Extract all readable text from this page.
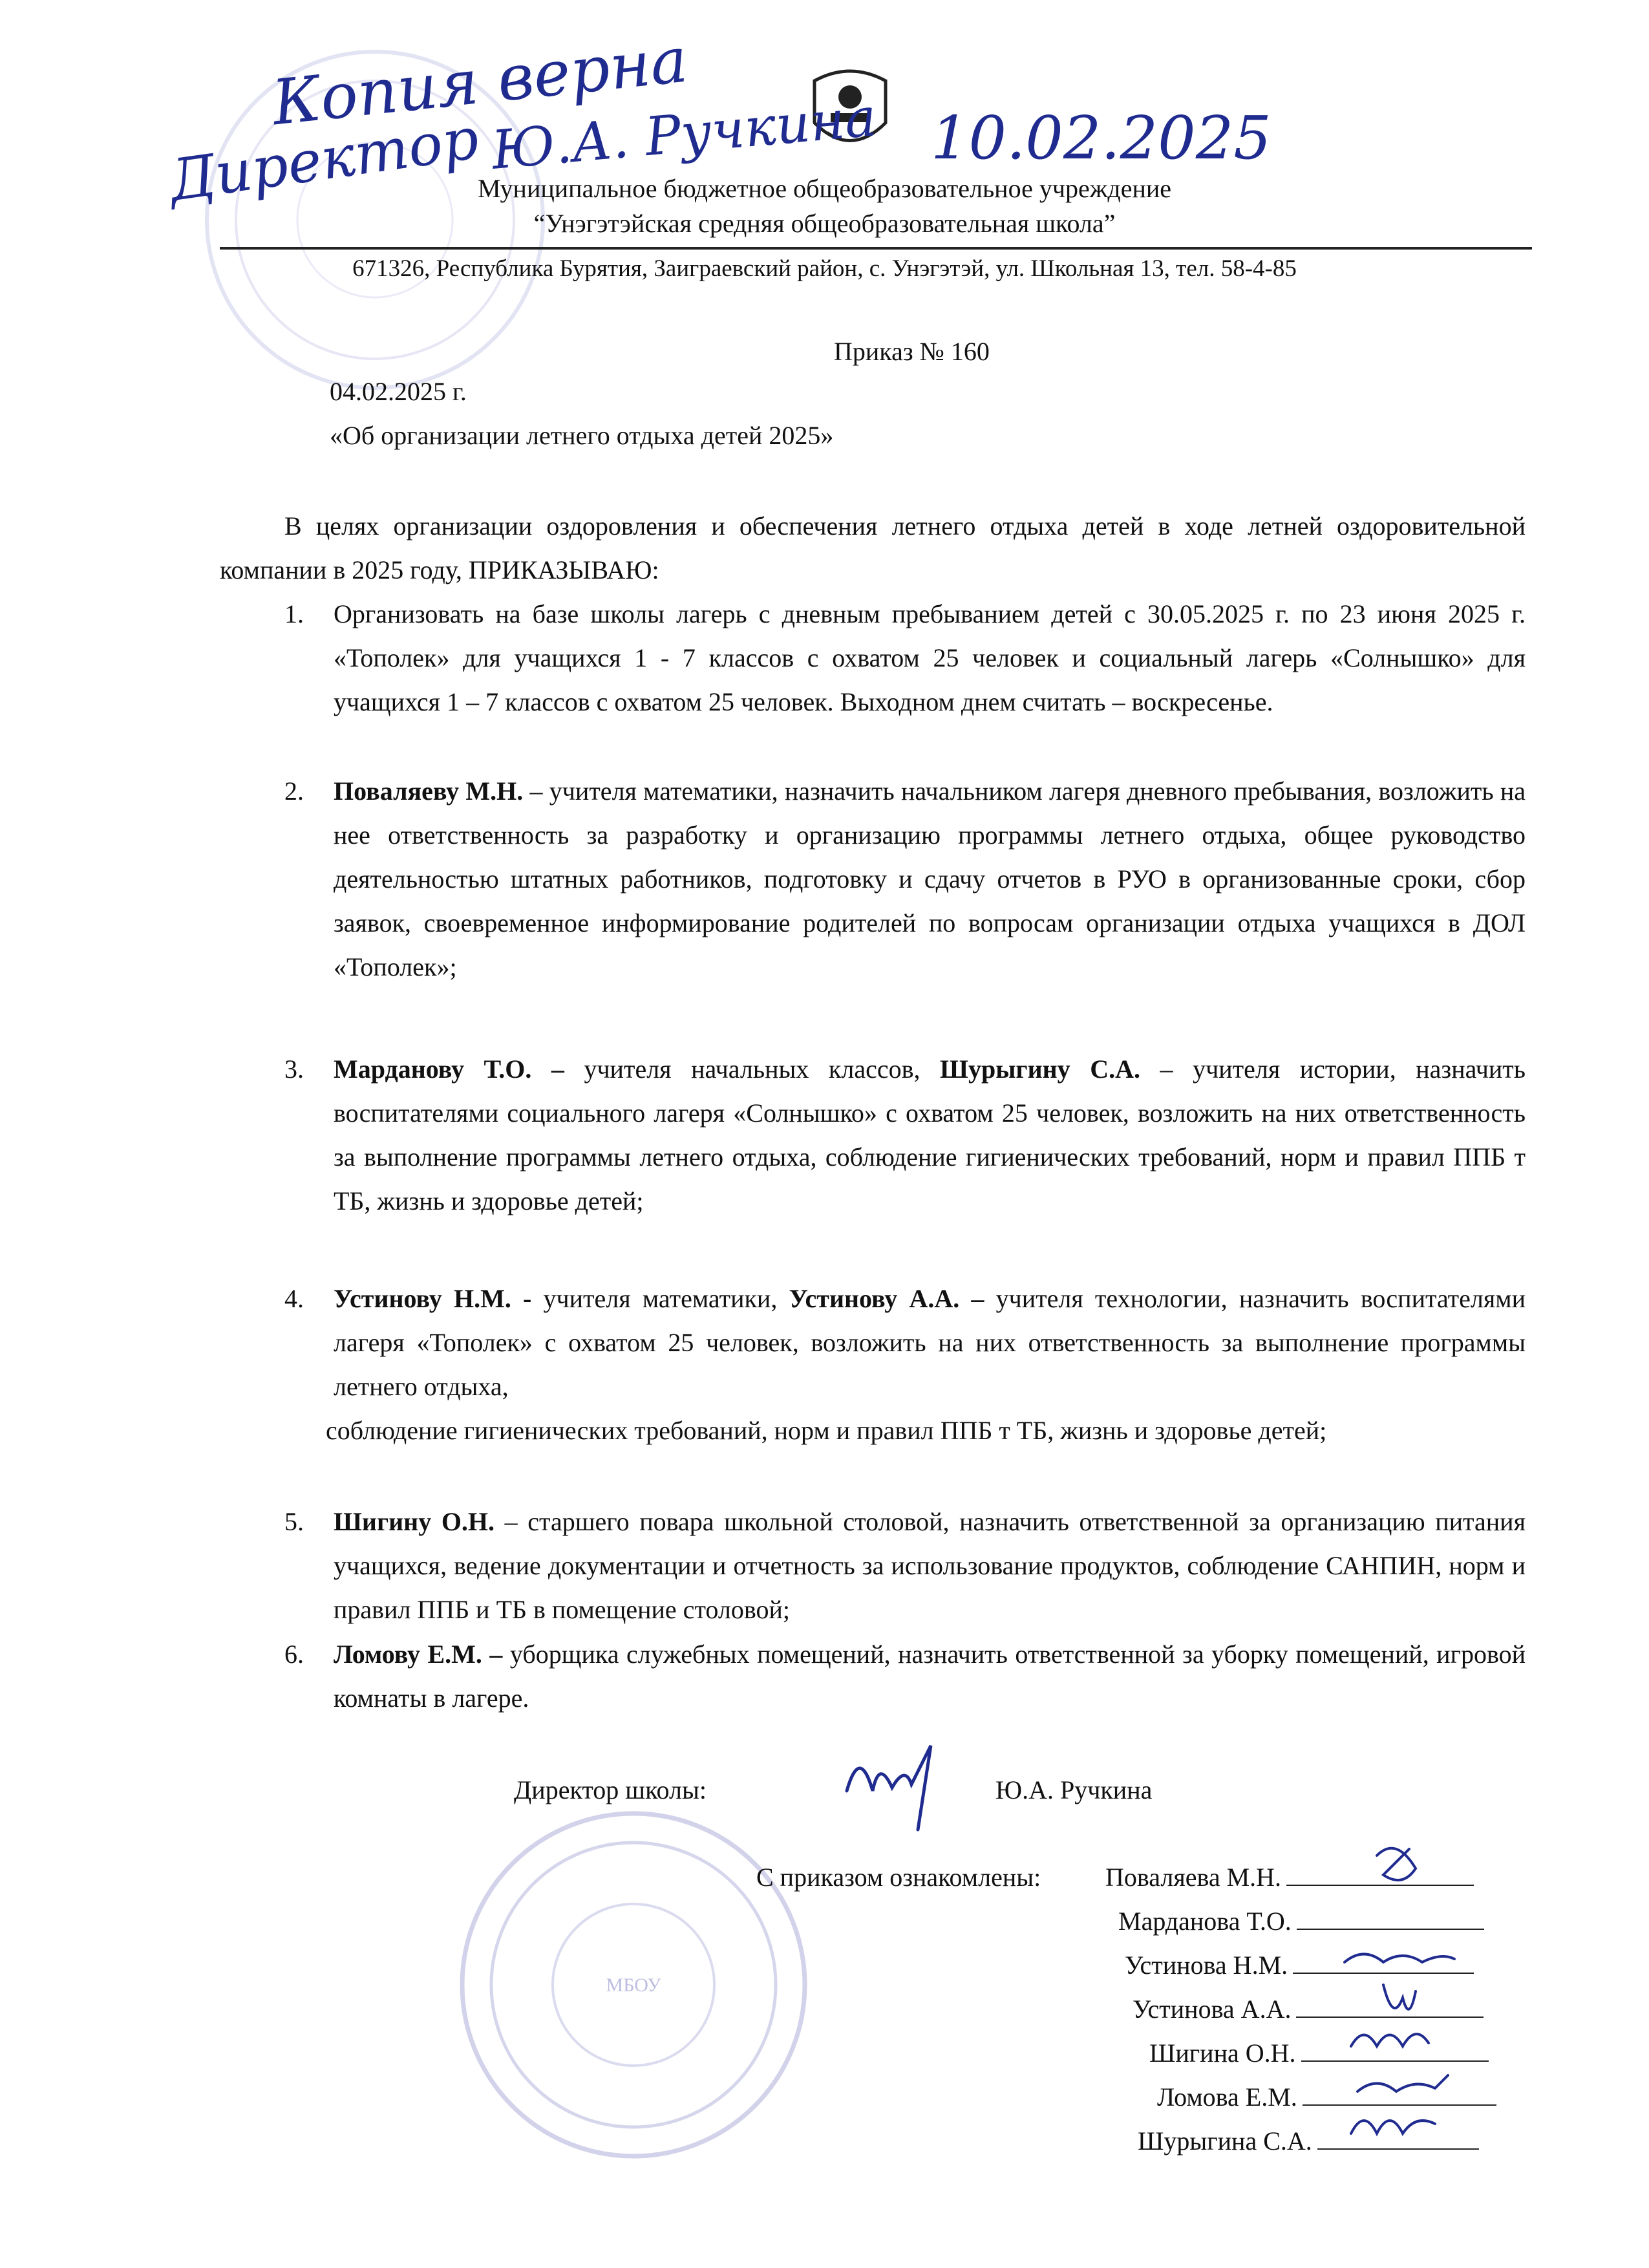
Копия верна
Директор Ю.А. Ручкина 10.02.2025
Муниципальное бюджетное общеобразовательное учреждение
“Унэгэтэйская средняя общеобразовательная школа”
671326, Республика Бурятия, Заиграевский район, с. Унэгэтэй, ул. Школьная 13, тел. 58-4-85
Приказ № 160
04.02.2025 г.
«Об организации летнего отдыха детей 2025»
В целях организации оздоровления и обеспечения летнего отдыха детей в ходе летней оздоровительной компании в 2025 году, ПРИКАЗЫВАЮ:
1. Организовать на базе школы лагерь с дневным пребыванием детей с 30.05.2025 г. по 23 июня 2025 г. «Тополек» для учащихся 1 - 7 классов с охватом 25 человек и социальный лагерь «Солнышко» для учащихся 1 – 7 классов с охватом 25 человек. Выходном днем считать – воскресенье.
2. Поваляеву М.Н. – учителя математики, назначить начальником лагеря дневного пребывания, возложить на нее ответственность за разработку и организацию программы летнего отдыха, общее руководство деятельностью штатных работников, подготовку и сдачу отчетов в РУО в организованные сроки, сбор заявок, своевременное информирование родителей по вопросам организации отдыха учащихся в ДОЛ «Тополек»;
3. Марданову Т.О. – учителя начальных классов, Шурыгину С.А. – учителя истории, назначить воспитателями социального лагеря «Солнышко» с охватом 25 человек, возложить на них ответственность за выполнение программы летнего отдыха, соблюдение гигиенических требований, норм и правил ППБ т ТБ, жизнь и здоровье детей;
4. Устинову Н.М. - учителя математики, Устинову А.А. – учителя технологии, назначить воспитателями лагеря «Тополек» с охватом 25 человек, возложить на них ответственность за выполнение программы летнего отдыха,
соблюдение гигиенических требований, норм и правил ППБ т ТБ, жизнь и здоровье детей;
5. Шигину О.Н. – старшего повара школьной столовой, назначить ответственной за организацию питания учащихся, ведение документации и отчетность за использование продуктов, соблюдение САНПИН, норм и правил ППБ и ТБ в помещение столовой;
6. Ломову Е.М. – уборщика служебных помещений, назначить ответственной за уборку помещений, игровой комнаты в лагере.
Директор школы:	Ю.А. Ручкина
МБОУ
С приказом ознакомлены: Поваляева М.Н.
Марданова Т.О.
Устинова Н.М.
Устинова А.А.
Шигина О.Н.
Ломова Е.М.
Шурыгина С.А.
